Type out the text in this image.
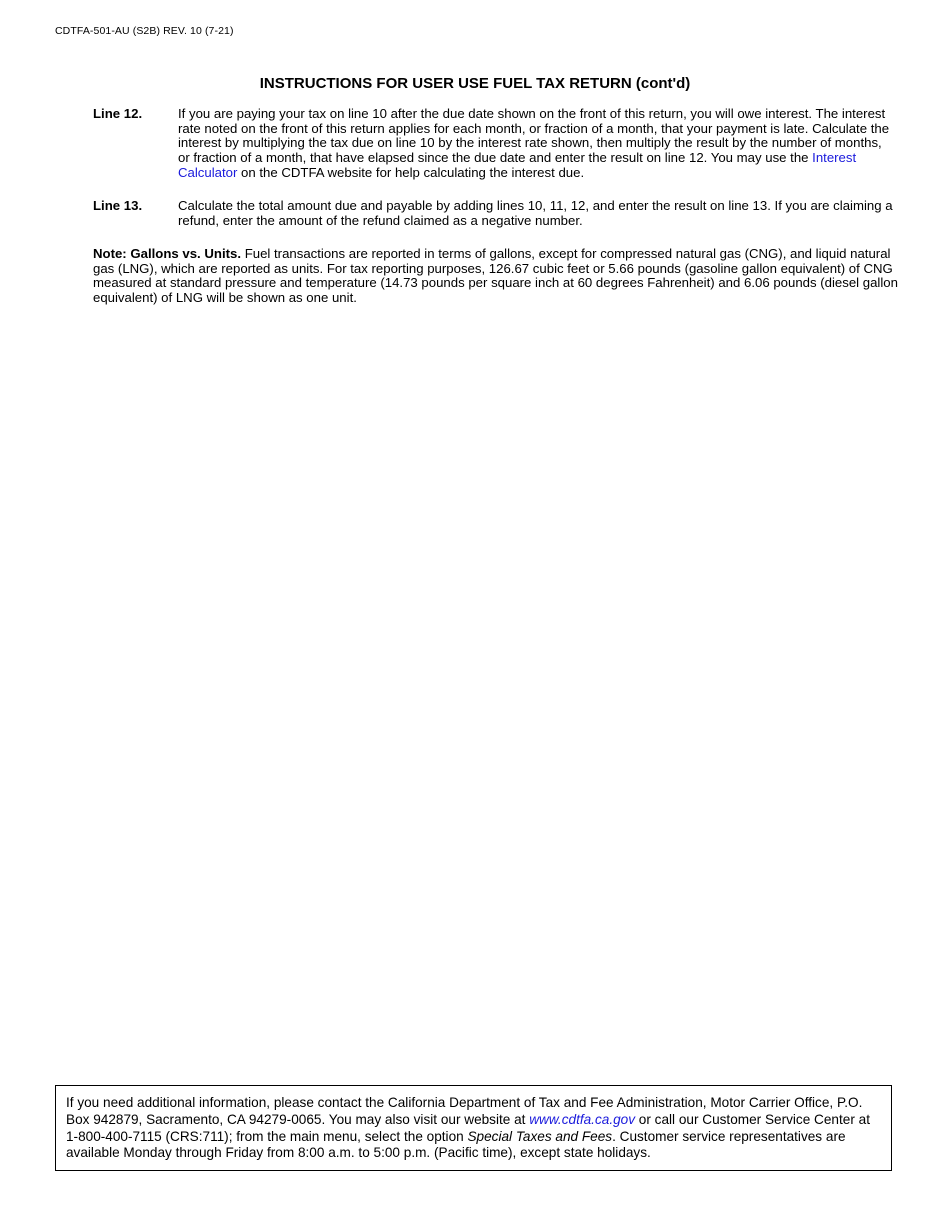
CDTFA-501-AU (S2B) REV. 10 (7-21)
INSTRUCTIONS FOR USER USE FUEL TAX RETURN (cont'd)
Line 12.	If you are paying your tax on line 10 after the due date shown on the front of this return, you will owe interest. The interest rate noted on the front of this return applies for each month, or fraction of a month, that your payment is late. Calculate the interest by multiplying the tax due on line 10 by the interest rate shown, then multiply the result by the number of months, or fraction of a month, that have elapsed since the due date and enter the result on line 12. You may use the Interest Calculator on the CDTFA website for help calculating the interest due.
Line 13.	Calculate the total amount due and payable by adding lines 10, 11, 12, and enter the result on line 13. If you are claiming a refund, enter the amount of the refund claimed as a negative number.
Note: Gallons vs. Units. Fuel transactions are reported in terms of gallons, except for compressed natural gas (CNG), and liquid natural gas (LNG), which are reported as units. For tax reporting purposes, 126.67 cubic feet or 5.66 pounds (gasoline gallon equivalent) of CNG measured at standard pressure and temperature (14.73 pounds per square inch at 60 degrees Fahrenheit) and 6.06 pounds (diesel gallon equivalent) of LNG will be shown as one unit.
If you need additional information, please contact the California Department of Tax and Fee Administration, Motor Carrier Office, P.O. Box 942879, Sacramento, CA 94279-0065. You may also visit our website at www.cdtfa.ca.gov or call our Customer Service Center at 1-800-400-7115 (CRS:711); from the main menu, select the option Special Taxes and Fees. Customer service representatives are available Monday through Friday from 8:00 a.m. to 5:00 p.m. (Pacific time), except state holidays.
